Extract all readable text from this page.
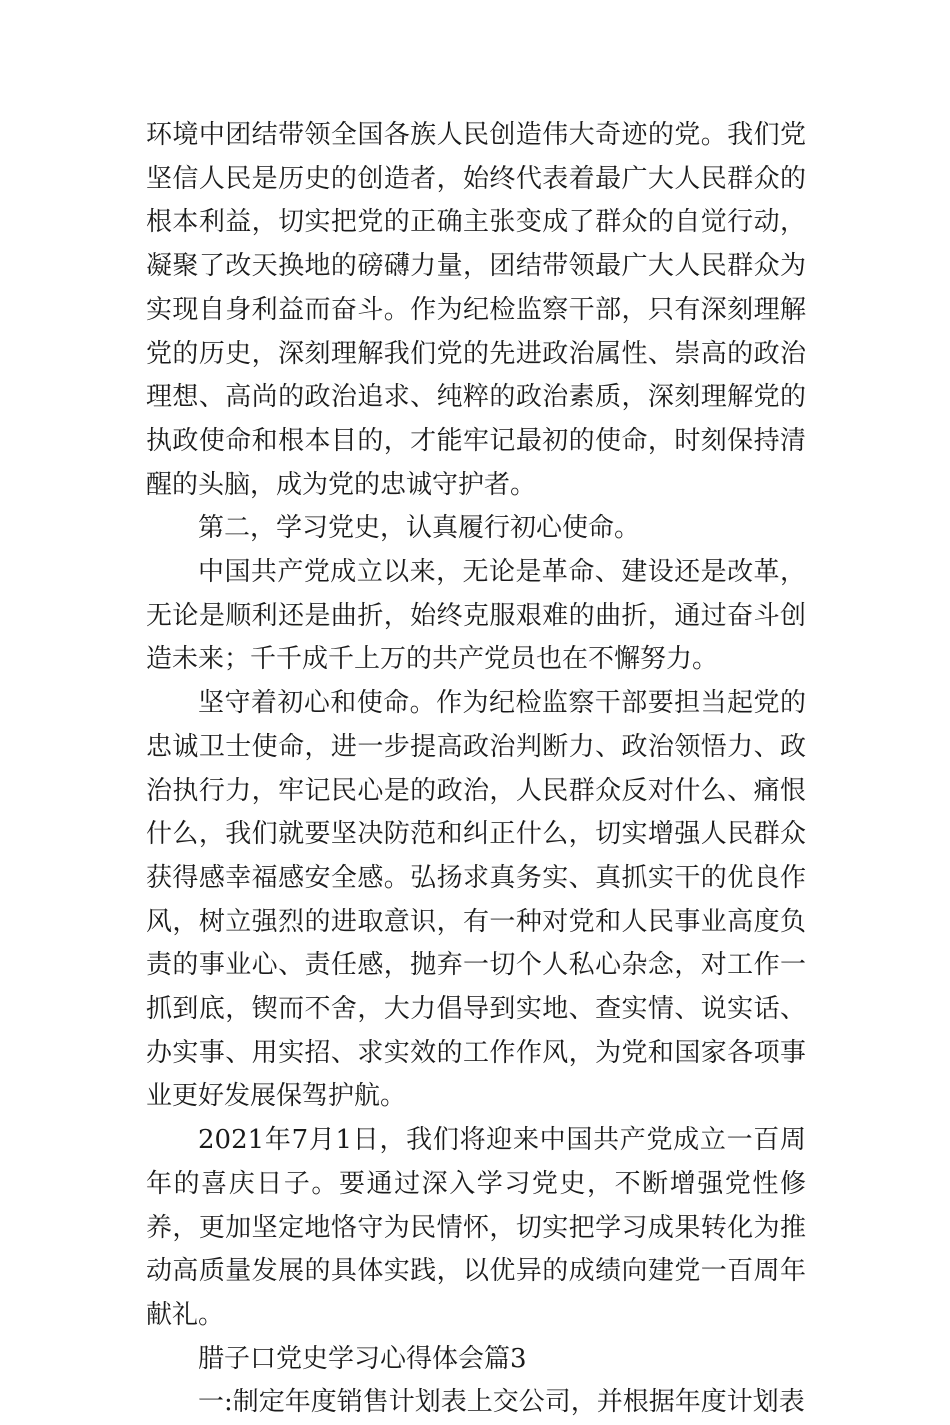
环境中团结带领全国各族人民创造伟大奇迹的党。我们党坚信人民是历史的创造者，始终代表着最广大人民群众的根本利益，切实把党的正确主张变成了群众的自觉行动，凝聚了改天换地的磅礴力量，团结带领最广大人民群众为实现自身利益而奋斗。作为纪检监察干部，只有深刻理解党的历史，深刻理解我们党的先进政治属性、崇高的政治理想、高尚的政治追求、纯粹的政治素质，深刻理解党的执政使命和根本目的，才能牢记最初的使命，时刻保持清醒的头脑，成为党的忠诚守护者。

第二，学习党史，认真履行初心使命。

中国共产党成立以来，无论是革命、建设还是改革，无论是顺利还是曲折，始终克服艰难的曲折，通过奋斗创造未来；千千成千上万的共产党员也在不懈努力。

坚守着初心和使命。作为纪检监察干部要担当起党的忠诚卫士使命，进一步提高政治判断力、政治领悟力、政治执行力，牢记民心是的政治，人民群众反对什么、痛恨什么，我们就要坚决防范和纠正什么，切实增强人民群众获得感幸福感安全感。弘扬求真务实、真抓实干的优良作风，树立强烈的进取意识，有一种对党和人民事业高度负责的事业心、责任感，抛弃一切个人私心杂念，对工作一抓到底，锲而不舍，大力倡导到实地、查实情、说实话、办实事、用实招、求实效的工作作风，为党和国家各项事业更好发展保驾护航。

2021年7月1日，我们将迎来中国共产党成立一百周年的喜庆日子。要通过深入学习党史，不断增强党性修养，更加坚定地恪守为民情怀，切实把学习成果转化为推动高质量发展的具体实践，以优异的成绩向建党一百周年献礼。

腊子口党史学习心得体会篇3

一:制定年度销售计划表上交公司，并根据年度计划表
